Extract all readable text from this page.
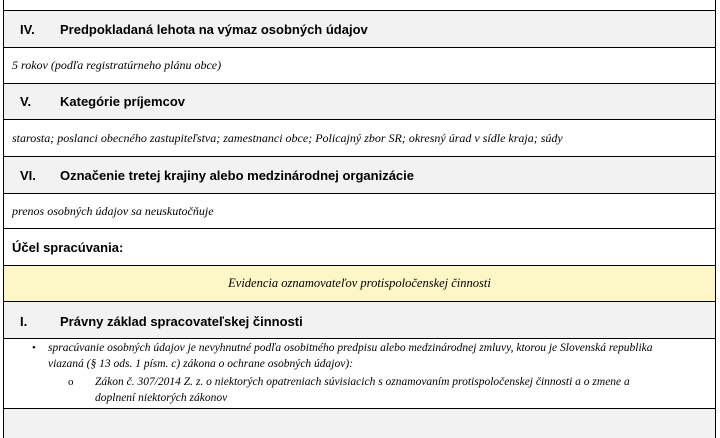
IV. Predpokladaná lehota na výmaz osobných údajov
5 rokov (podľa registratúrneho plánu obce)
V. Kategórie príjemcov
starosta; poslanci obecného zastupiteľstva; zamestnanci obce; Policajný zbor SR; okresný úrad v sídle kraja; súdy
VI. Označenie tretej krajiny alebo medzinárodnej organizácie
prenos osobných údajov sa neuskutočňuje
Účel spracúvania:
Evidencia oznamovateľov protispoločenskej činnosti
I.	Právny základ spracovateľskej činnosti
• spracúvanie osobných údajov je nevyhnutné podľa osobitného predpisu alebo medzinárodnej zmluvy, ktorou je Slovenská republika
viazaná (§ 13 ods. 1 písm. c) zákona o ochrane osobných údajov):
o Zákon č. 307/2014 Z. z. o niektorých opatreniach súvisiacich s oznamovaním protispoločenskej činnosti a o zmene a
doplnení niektorých zákonov
